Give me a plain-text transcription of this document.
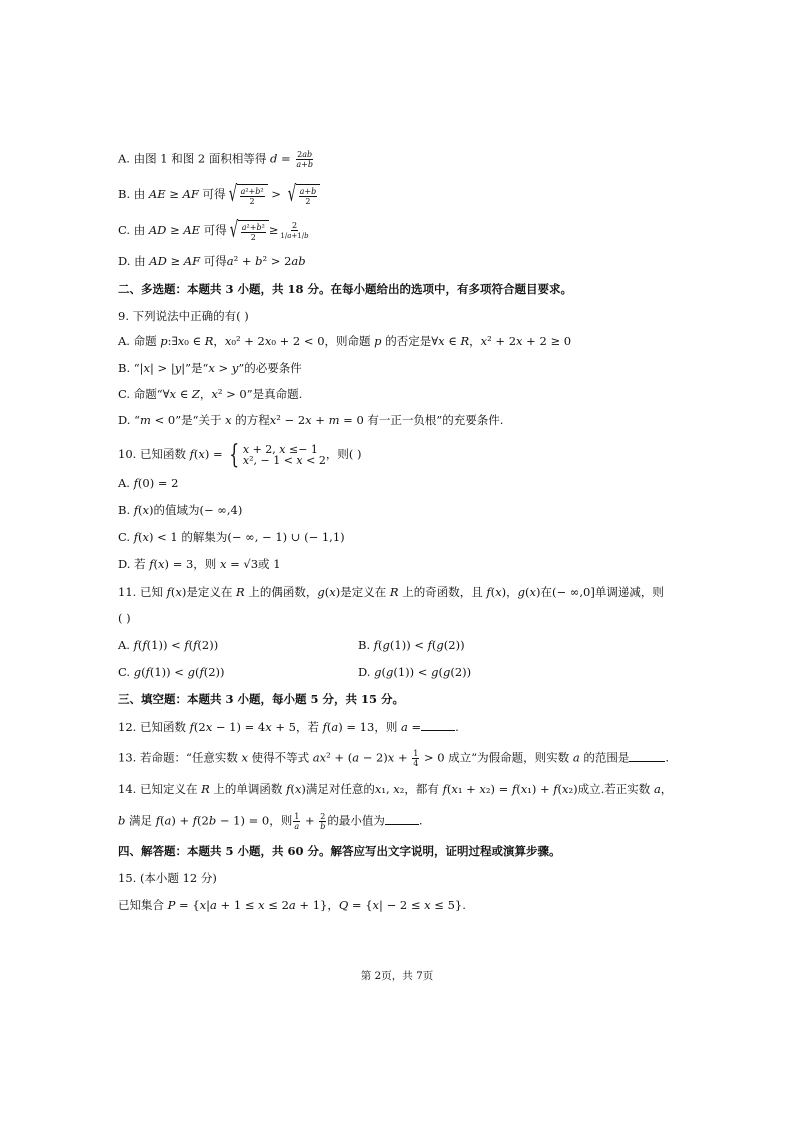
A. 由图 1 和图 2 面积相等得 $d = \frac{2ab}{a+b}$
B. 由 AE ≥ AF 可得 √ $\frac{\text{a²+b²}}{2}$ > √ $\frac{a+b}{2}$
C. 由 AD ≥ AE 可得 √ $\frac{\text{a²+b²}}{2} \ge \frac{2}{1/a+1/b}$
D. 由 AD ≥ AF 可得a² + b² > 2ab
二、多选题：本题共 3 小题，共 18 分。在每小题给出的选项中，有多项符合题目要求。
9. 下列说法中正确的有( )
A. 命题 p:∃x₀ ∈ R，x₀² + 2x₀ + 2 < 0，则命题 p 的否定是∀x ∈ R，x² + 2x + 2 ≥ 0
B. “|x| > |y|”是“x > y”的必要条件
C. 命题“∀x ∈ Z，x² > 0”是真命题.
D. “m < 0”是“关于 x 的方程x² − 2x + m = 0 有一正一负根”的充要条件.
10. 已知函数 f(x) = { x + 2, x ≤− 1
x², − 1 < x < 2 ，则( )
A. f(0) = 2
B. f(x)的值域为(− ∞,4)
C. f(x) < 1 的解集为(− ∞, − 1) ∪ (− 1,1)
D. 若 f(x) = 3，则 x = √3或 1
11. 已知 f(x)是定义在 R 上的偶函数，g(x)是定义在 R 上的奇函数，且 f(x)，g(x)在(− ∞,0]单调递减，则
( )
A. f(f(1)) < f(f(2))	B. f(g(1)) < f(g(2))
C. g(f(1)) < g(f(2))	D. g(g(1)) < g(g(2))
三、填空题：本题共 3 小题，每小题 5 分，共 15 分。
12. 已知函数 f(2x − 1) = 4x + 5，若 f(a) = 13，则 a =	.
13. 若命题：“任意实数 x 使得不等式 $ax^2 + (a - 2)x + \frac{1}{4} > 0$ 成立”为假命题，则实数 a 的范围是	.
14. 已知定义在 R 上的单调函数 f(x)满足对任意的x₁, x₂，都有 f(x₁ + x₂) = f(x₁) + f(x₂)成立.若正实数 a，
b 满足 f(a) + f(2b − 1) = 0，则 $\frac{1}{a} + \frac{2}{b}$ 的最小值为	.
四、解答题：本题共 5 小题，共 60 分。解答应写出文字说明，证明过程或演算步骤。
15. (本小题 12 分)
已知集合 P = {x|a + 1 ≤ x ≤ 2a + 1}，Q = {x| − 2 ≤ x ≤ 5}.
第 2页，共 7页
